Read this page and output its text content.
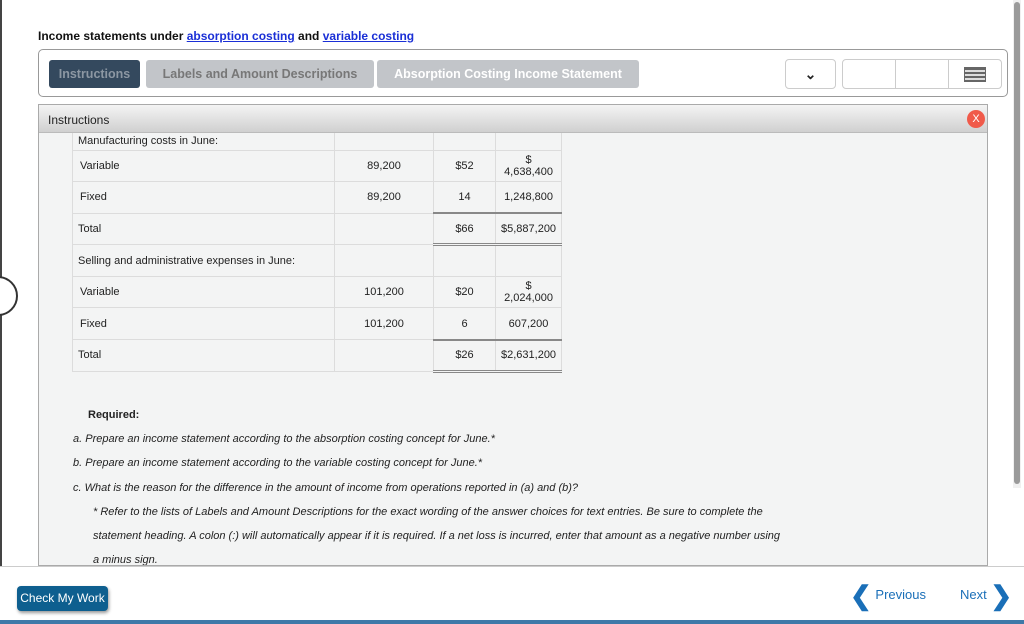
Income statements under absorption costing and variable costing
Instructions	Labels and Amount Descriptions	Absorption Costing Income Statement	⌄
Instructions	X
Manufacturing costs in June:			
Variable	89,200	$52	$ 4,638,400
Fixed	89,200	14	1,248,800
Total		$66	$5,887,200
Selling and administrative expenses in June:			
Variable	101,200	$20	$ 2,024,000
Fixed	101,200	6	607,200
Total		$26	$2,631,200
Required:
a. Prepare an income statement according to the absorption costing concept for June.*
b. Prepare an income statement according to the variable costing concept for June.*
c. What is the reason for the difference in the amount of income from operations reported in (a) and (b)?
* Refer to the lists of Labels and Amount Descriptions for the exact wording of the answer choices for text entries. Be sure to complete the
statement heading. A colon (:) will automatically appear if it is required. If a net loss is incurred, enter that amount as a negative number using
a minus sign.
Check My Work	❮ Previous	Next ❯
